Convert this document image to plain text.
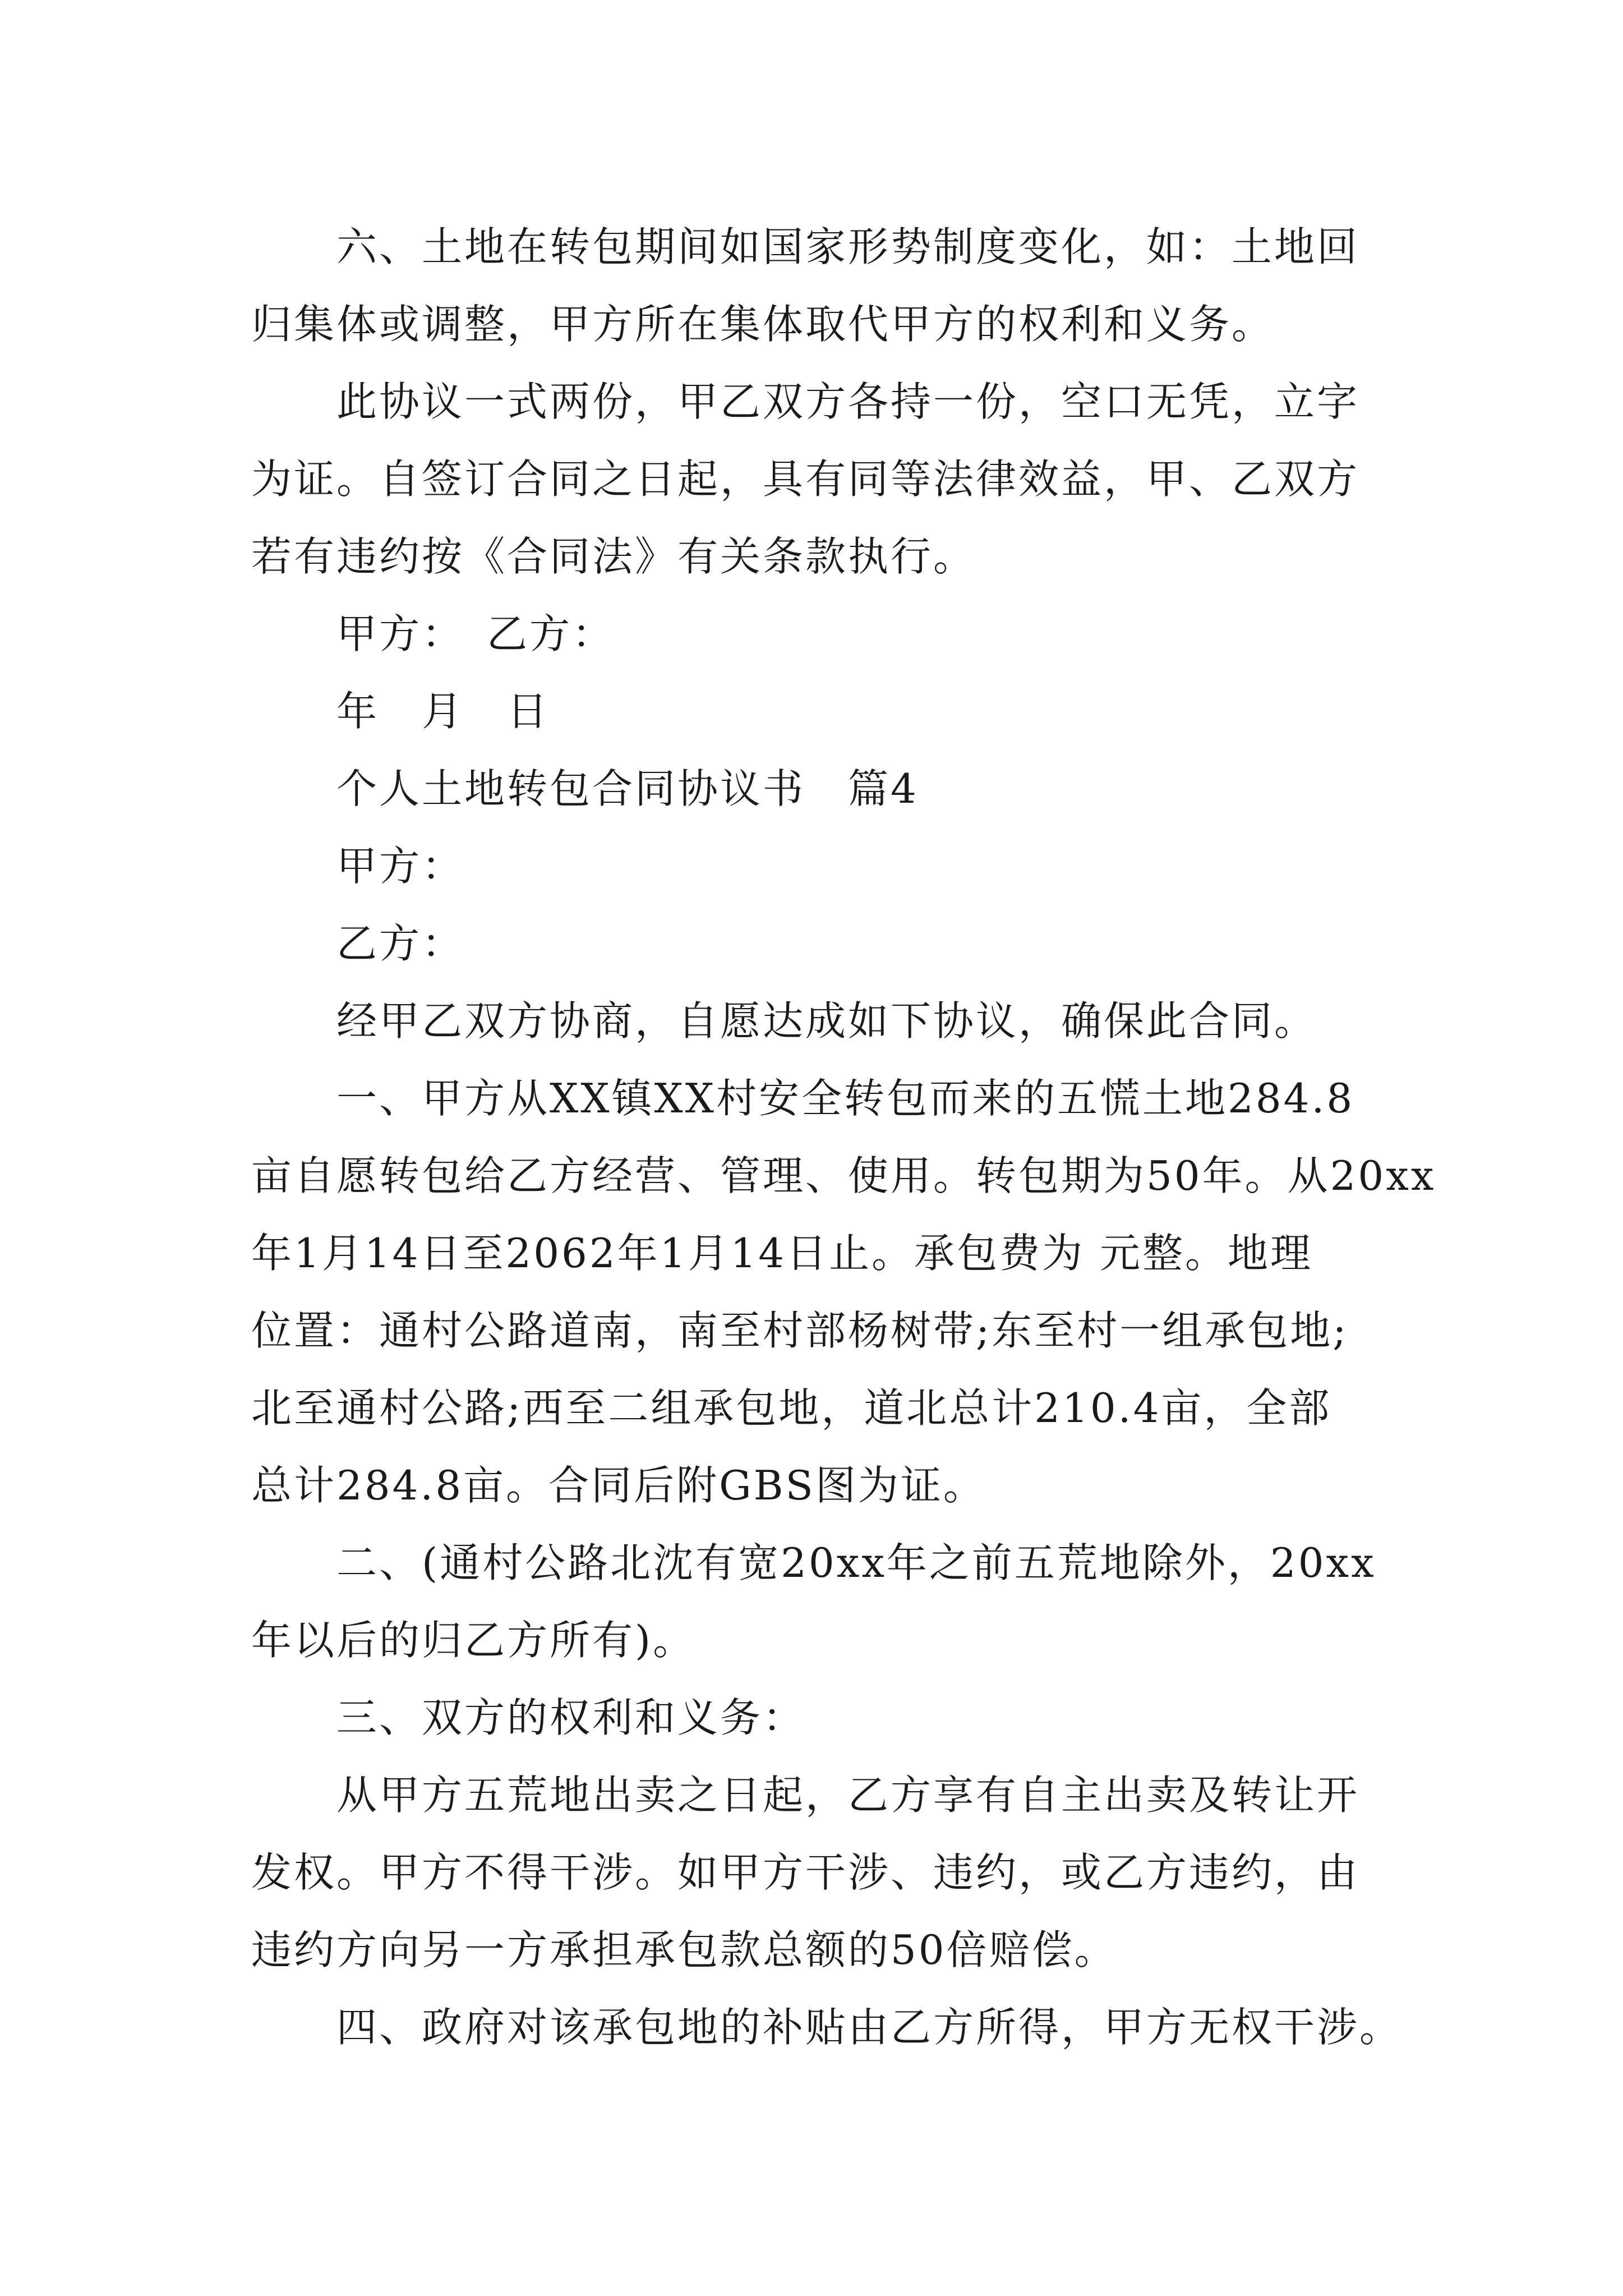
六、土地在转包期间如国家形势制度变化，如：土地回
归集体或调整，甲方所在集体取代甲方的权利和义务。
此协议一式两份，甲乙双方各持一份，空口无凭，立字
为证。自签订合同之日起，具有同等法律效益，甲、乙双方
若有违约按《合同法》有关条款执行。
甲方：　乙方：
年　月　日
个人土地转包合同协议书　篇4
甲方：
乙方：
经甲乙双方协商，自愿达成如下协议，确保此合同。
一、甲方从XX镇XX村安全转包而来的五慌土地284.8
亩自愿转包给乙方经营、管理、使用。转包期为50年。从20xx
年1月14日至2062年1月14日止。承包费为 元整。地理
位置：通村公路道南，南至村部杨树带;东至村一组承包地;
北至通村公路;西至二组承包地，道北总计210.4亩，全部
总计284.8亩。合同后附GBS图为证。
二、(通村公路北沈有宽20xx年之前五荒地除外，20xx
年以后的归乙方所有)。
三、双方的权利和义务：
从甲方五荒地出卖之日起，乙方享有自主出卖及转让开
发权。甲方不得干涉。如甲方干涉、违约，或乙方违约，由
违约方向另一方承担承包款总额的50倍赔偿。
四、政府对该承包地的补贴由乙方所得，甲方无权干涉。
